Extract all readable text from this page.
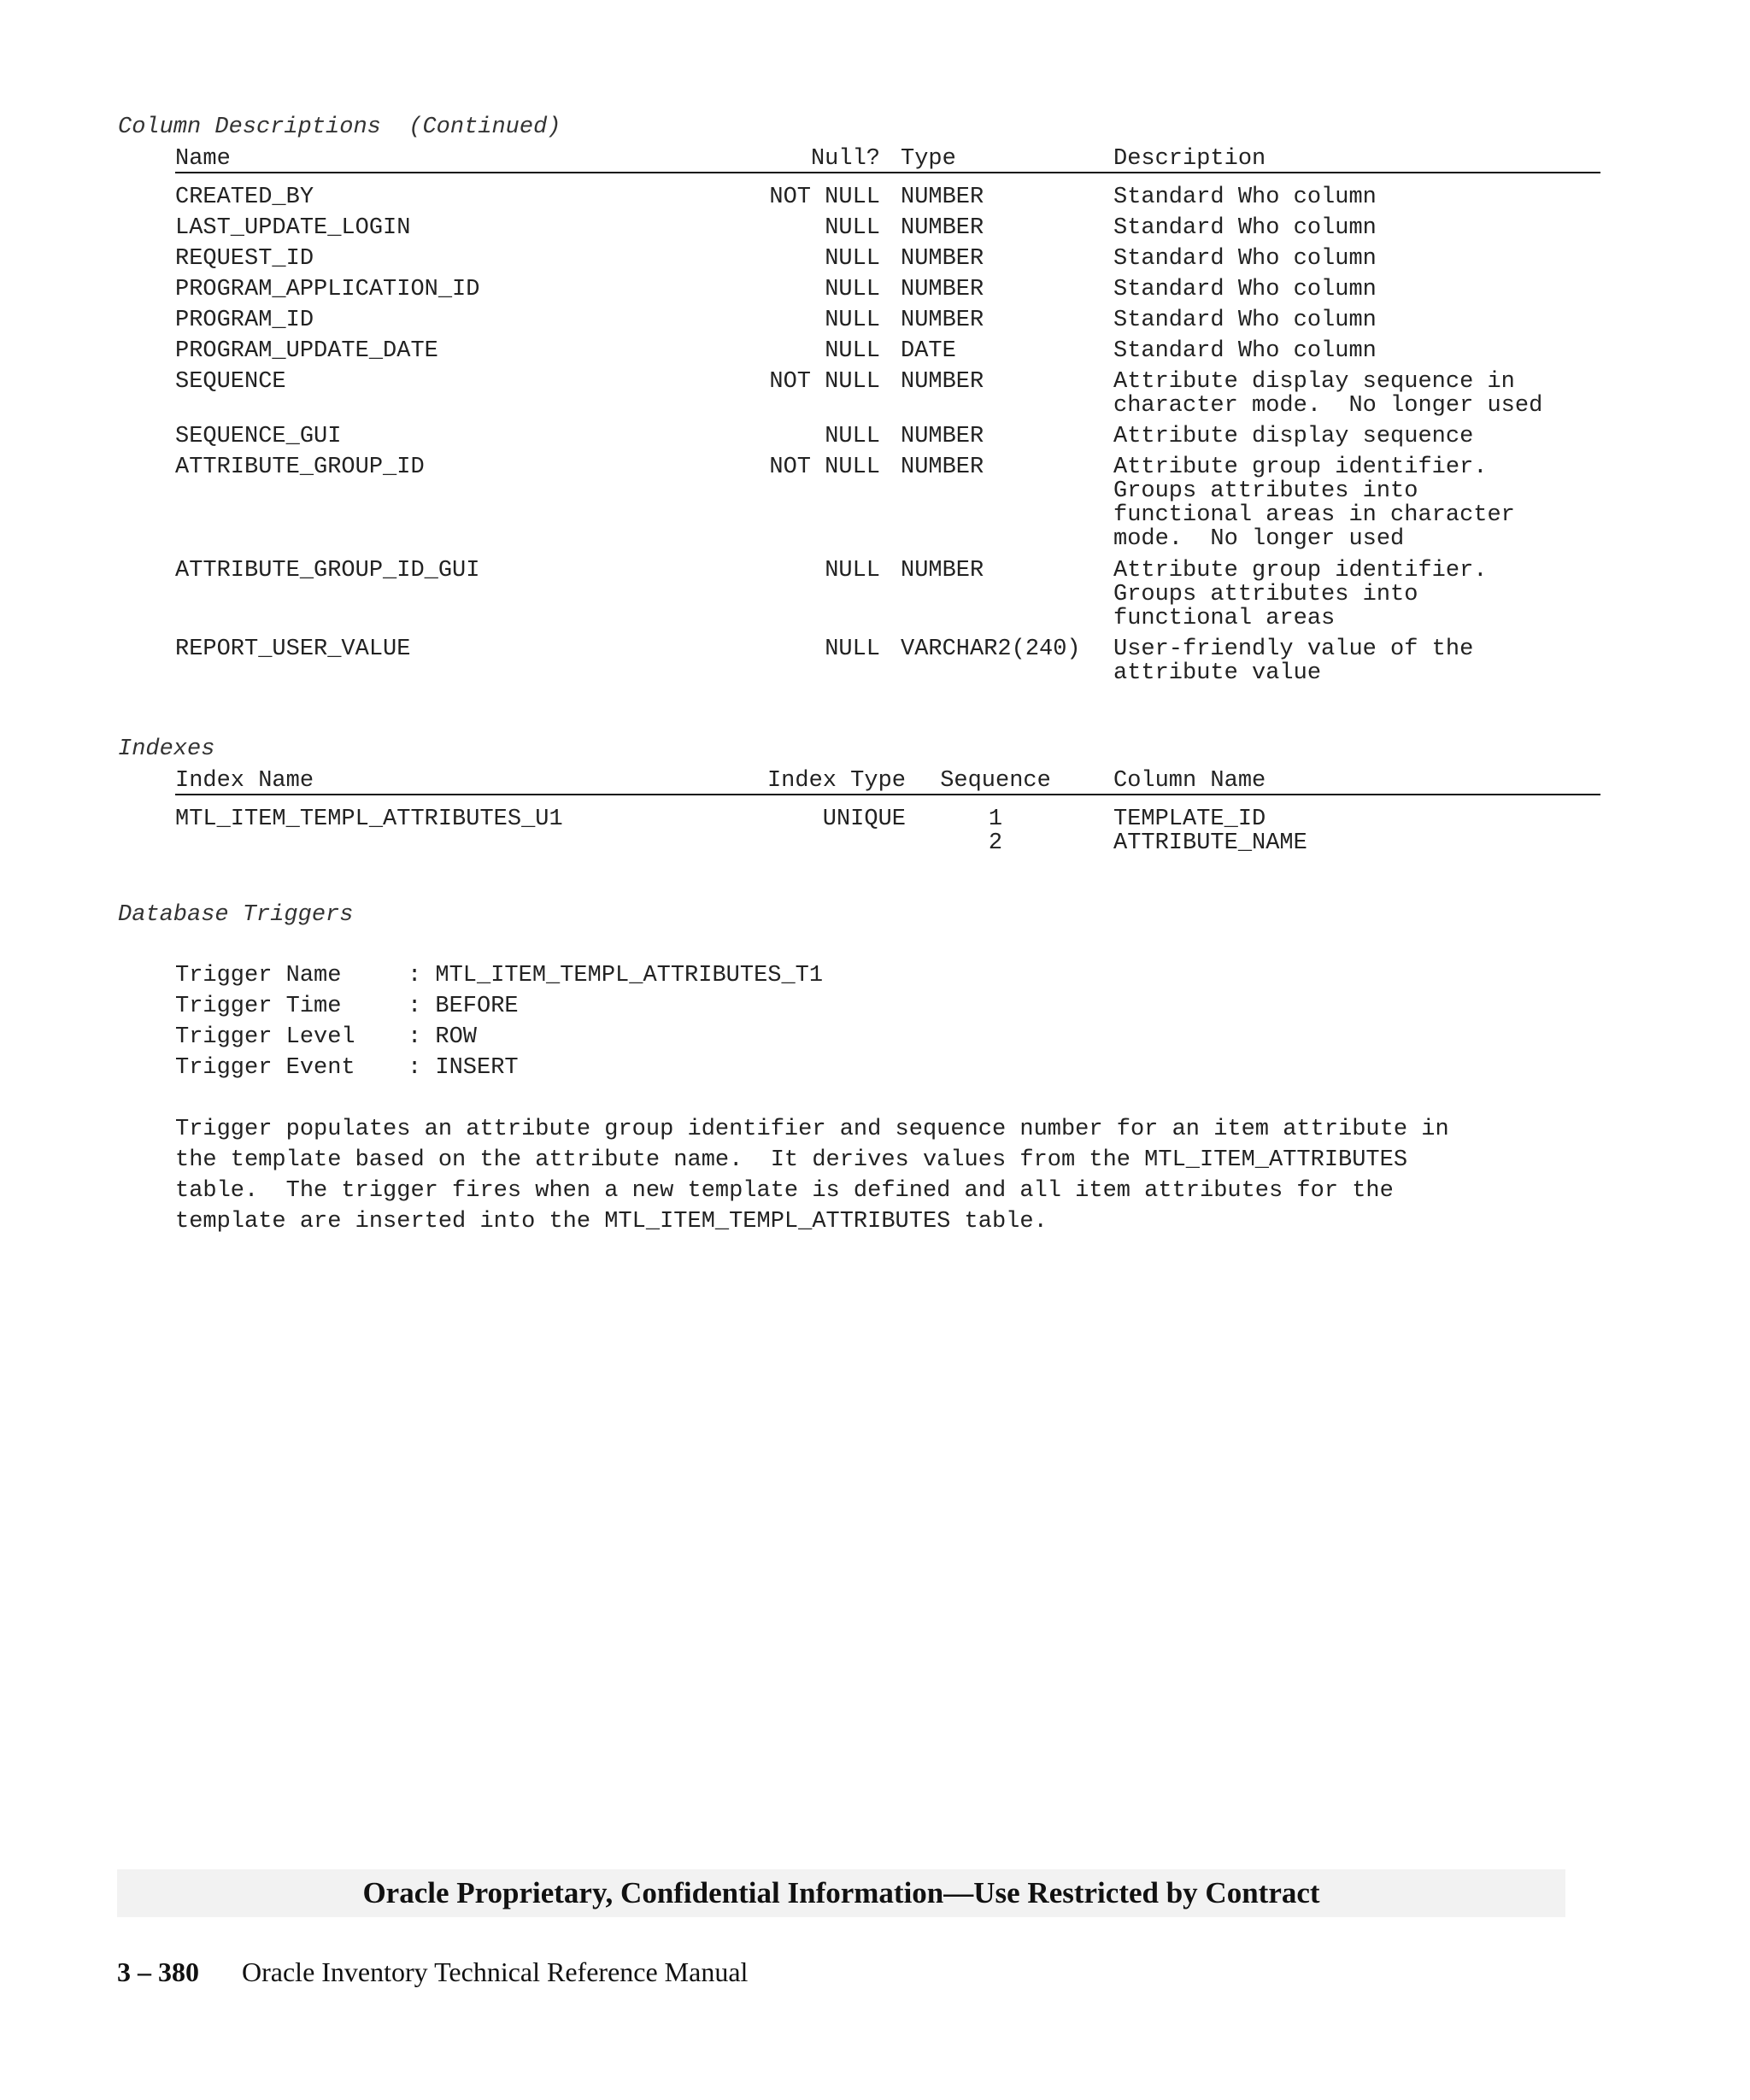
Column Descriptions  (Continued)
Name	Null? Type	Description
CREATED_BY	NOT NULL NUMBER	Standard Who column
LAST_UPDATE_LOGIN	NULL NUMBER	Standard Who column
REQUEST_ID	NULL NUMBER	Standard Who column
PROGRAM_APPLICATION_ID	NULL NUMBER	Standard Who column
PROGRAM_ID	NULL NUMBER	Standard Who column
PROGRAM_UPDATE_DATE	NULL DATE	Standard Who column
SEQUENCE	NOT NULL NUMBER	Attribute display sequence in
character mode.  No longer used
SEQUENCE_GUI	NULL NUMBER	Attribute display sequence
ATTRIBUTE_GROUP_ID	NOT NULL NUMBER	Attribute group identifier.
Groups attributes into
functional areas in character
mode.  No longer used
ATTRIBUTE_GROUP_ID_GUI	NULL NUMBER	Attribute group identifier.
Groups attributes into
functional areas
REPORT_USER_VALUE	NULL VARCHAR2(240) User-friendly value of the
attribute value
Indexes
Index Name	Index Type Sequence	Column Name
MTL_ITEM_TEMPL_ATTRIBUTES_U1	UNIQUE	1	TEMPLATE_ID
2	ATTRIBUTE_NAME
Database Triggers
Trigger Name	: MTL_ITEM_TEMPL_ATTRIBUTES_T1
Trigger Time	: BEFORE
Trigger Level : ROW
Trigger Event : INSERT
Trigger populates an attribute group identifier and sequence number for an item attribute in
the template based on the attribute name.  It derives values from the MTL_ITEM_ATTRIBUTES
table.  The trigger fires when a new template is defined and all item attributes for the
template are inserted into the MTL_ITEM_TEMPL_ATTRIBUTES table.
Oracle Proprietary, Confidential Information––Use Restricted by Contract
3 – 380 Oracle Inventory Technical Reference Manual
